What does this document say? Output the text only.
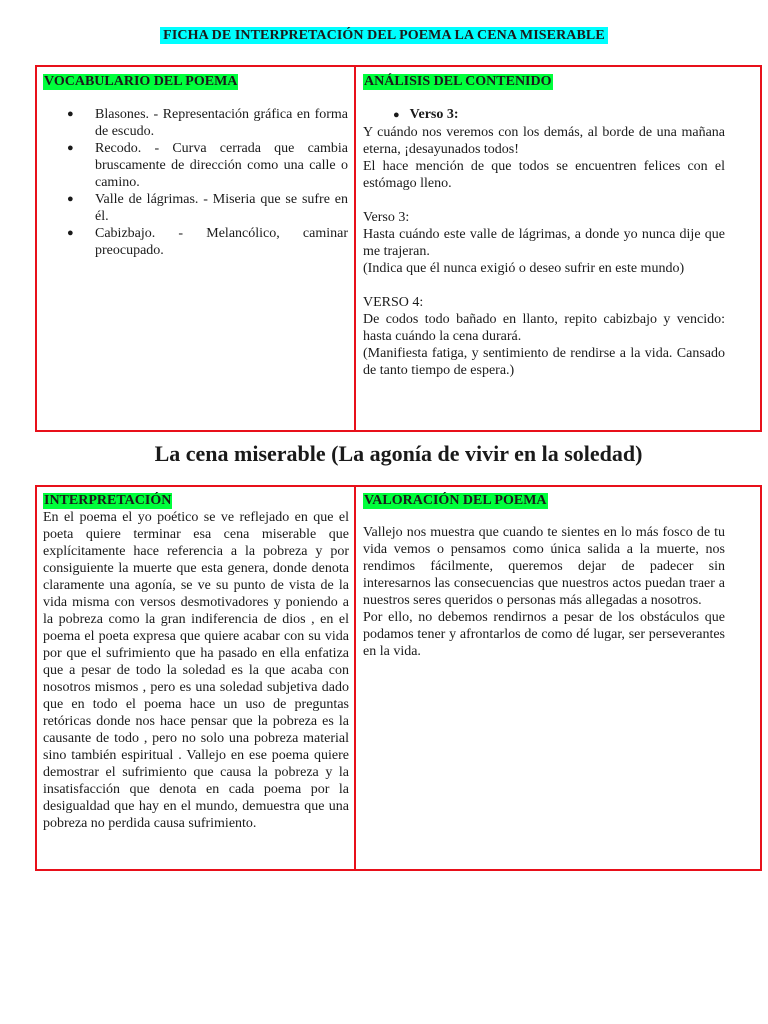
FICHA DE INTERPRETACIÓN DEL POEMA LA CENA MISERABLE
VOCABULARIO DEL POEMA
● Blasones. - Representación gráfica en forma de escudo.
● Recodo. - Curva cerrada que cambia bruscamente de dirección como una calle o camino.
● Valle de lágrimas. - Miseria que se sufre en él.
● Cabizbajo. - Melancólico, caminar preocupado.
ANÁLISIS DEL CONTENIDO
● Verso 3:

Y cuándo nos veremos con los demás, al borde de una mañana eterna, ¡desayunados todos!

El hace mención de que todos se encuentren felices con el estómago lleno.

Verso 3:

Hasta cuándo este valle de lágrimas, a donde yo nunca dije que me trajeran.

(Indica que él nunca exigió o deseo sufrir en este mundo)

VERSO 4:

De codos todo bañado en llanto, repito cabizbajo y vencido: hasta cuándo la cena durará.

(Manifiesta fatiga, y sentimiento de rendirse a la vida. Cansado de tanto tiempo de espera.)

La cena miserable (La agonía de vivir en la soledad)
INTERPRETACIÓN

En el poema el yo poético se ve reflejado en que el poeta quiere terminar esa cena miserable que explícitamente hace referencia a la pobreza y por consiguiente la muerte que esta genera, donde denota claramente una agonía, se ve su punto de vista de la vida misma con versos desmotivadores y poniendo a la pobreza como la gran indiferencia de dios , en el poema el poeta expresa que quiere acabar con su vida por que el sufrimiento que ha pasado en ella enfatiza que a pesar de todo la soledad es la que acaba con nosotros mismos , pero es una soledad subjetiva dado que en todo el poema hace un uso de preguntas retóricas donde nos hace pensar que la pobreza es la causante de todo , pero no solo una pobreza material sino también espiritual . Vallejo en ese poema quiere demostrar el sufrimiento que causa la pobreza y la insatisfacción que denota en cada poema por la desigualdad que hay en el mundo, demuestra que una pobreza no perdida causa sufrimiento.

VALORACIÓN DEL POEMA

Vallejo nos muestra que cuando te sientes en lo más fosco de tu vida vemos o pensamos como única salida a la muerte, nos rendimos fácilmente, queremos dejar de padecer sin interesarnos las consecuencias que nuestros actos puedan traer a nuestros seres queridos o personas más allegadas a nosotros.

Por ello, no debemos rendirnos a pesar de los obstáculos que podamos tener y afrontarlos de como dé lugar, ser perseverantes en la vida.
